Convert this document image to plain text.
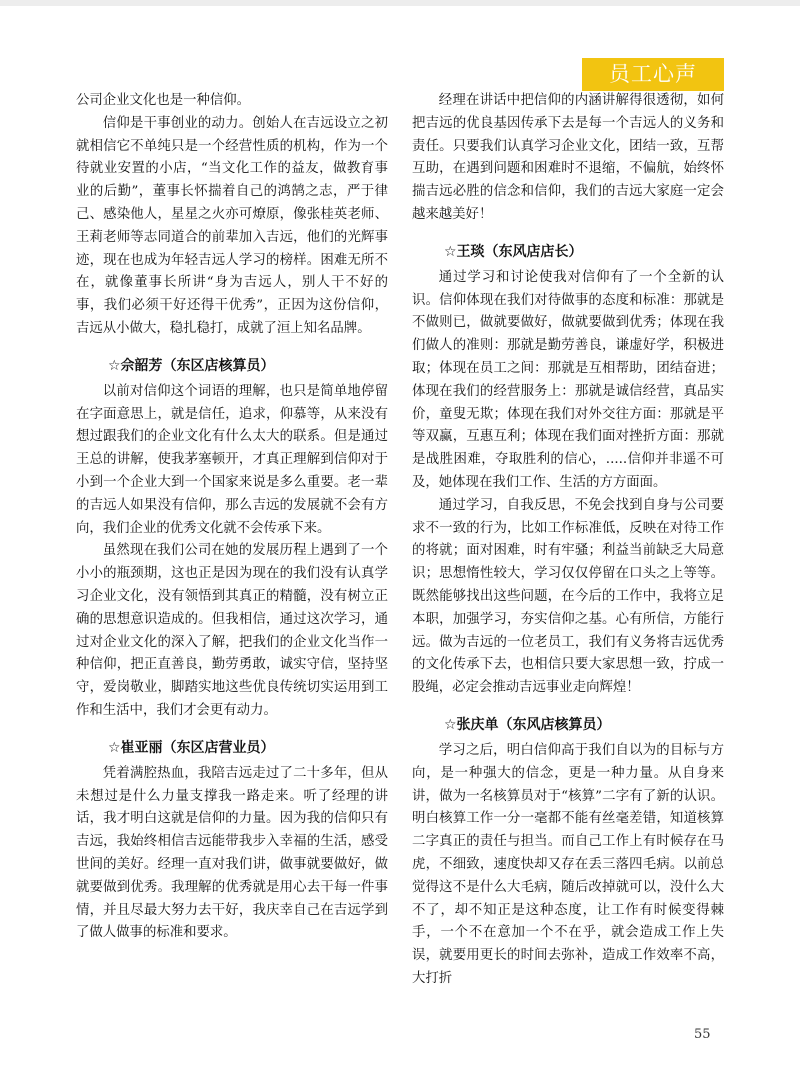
员工心声

公司企业文化也是一种信仰。

信仰是干事创业的动力。创始人在吉远设立之初就相信它不单纯只是一个经营性质的机构，作为一个待就业安置的小店，“当文化工作的益友，做教育事业的后勤”，董事长怀揣着自己的鸿鹄之志，严于律己、感染他人，星星之火亦可燎原，像张桂英老师、王莉老师等志同道合的前辈加入吉远，他们的光辉事迹，现在也成为年轻吉远人学习的榜样。困难无所不在，就像董事长所讲“身为吉远人，别人干不好的事，我们必须干好还得干优秀”，正因为这份信仰，吉远从小做大，稳扎稳打，成就了洹上知名品牌。

☆佘韶芳（东区店核算员）

以前对信仰这个词语的理解，也只是简单地停留在字面意思上，就是信任，追求，仰慕等，从来没有想过跟我们的企业文化有什么太大的联系。但是通过王总的讲解，使我茅塞顿开，才真正理解到信仰对于小到一个企业大到一个国家来说是多么重要。老一辈的吉远人如果没有信仰，那么吉远的发展就不会有方向，我们企业的优秀文化就不会传承下来。

虽然现在我们公司在她的发展历程上遇到了一个小小的瓶颈期，这也正是因为现在的我们没有认真学习企业文化，没有领悟到其真正的精髓，没有树立正确的思想意识造成的。但我相信，通过这次学习，通过对企业文化的深入了解，把我们的企业文化当作一种信仰，把正直善良，勤劳勇敢，诚实守信，坚持坚守，爱岗敬业，脚踏实地这些优良传统切实运用到工作和生活中，我们才会更有动力。

☆崔亚丽（东区店营业员）

凭着满腔热血，我陪吉远走过了二十多年，但从未想过是什么力量支撑我一路走来。听了经理的讲话，我才明白这就是信仰的力量。因为我的信仰只有吉远，我始终相信吉远能带我步入幸福的生活，感受世间的美好。经理一直对我们讲，做事就要做好，做就要做到优秀。我理解的优秀就是用心去干每一件事情，并且尽最大努力去干好，我庆幸自己在吉远学到了做人做事的标准和要求。

经理在讲话中把信仰的内涵讲解得很透彻，如何把吉远的优良基因传承下去是每一个吉远人的义务和责任。只要我们认真学习企业文化，团结一致，互帮互助，在遇到问题和困难时不退缩，不偏航，始终怀揣吉远必胜的信念和信仰，我们的吉远大家庭一定会越来越美好！

☆王琰（东风店店长）

通过学习和讨论使我对信仰有了一个全新的认识。信仰体现在我们对待做事的态度和标准：那就是不做则已，做就要做好，做就要做到优秀；体现在我们做人的准则：那就是勤劳善良，谦虚好学，积极进取；体现在员工之间：那就是互相帮助，团结奋进；体现在我们的经营服务上：那就是诚信经营，真品实价，童叟无欺；体现在我们对外交往方面：那就是平等双赢，互惠互利；体现在我们面对挫折方面：那就是战胜困难，夺取胜利的信心，.....信仰并非遥不可及，她体现在我们工作、生活的方方面面。

通过学习，自我反思，不免会找到自身与公司要求不一致的行为，比如工作标准低，反映在对待工作的将就；面对困难，时有牢骚；利益当前缺乏大局意识；思想惰性较大，学习仅仅停留在口头之上等等。既然能够找出这些问题，在今后的工作中，我将立足本职，加强学习，夯实信仰之基。心有所信，方能行远。做为吉远的一位老员工，我们有义务将吉远优秀的文化传承下去，也相信只要大家思想一致，拧成一股绳，必定会推动吉远事业走向辉煌！

☆张庆单（东风店核算员）

学习之后，明白信仰高于我们自以为的目标与方向，是一种强大的信念，更是一种力量。从自身来讲，做为一名核算员对于“核算”二字有了新的认识。明白核算工作一分一毫都不能有丝毫差错，知道核算二字真正的责任与担当。而自己工作上有时候存在马虎，不细致，速度快却又存在丢三落四毛病。以前总觉得这不是什么大毛病，随后改掉就可以，没什么大不了，却不知正是这种态度，让工作有时候变得棘手，一个不在意加一个不在乎，就会造成工作上失误，就要用更长的时间去弥补，造成工作效率不高，大打折

55
